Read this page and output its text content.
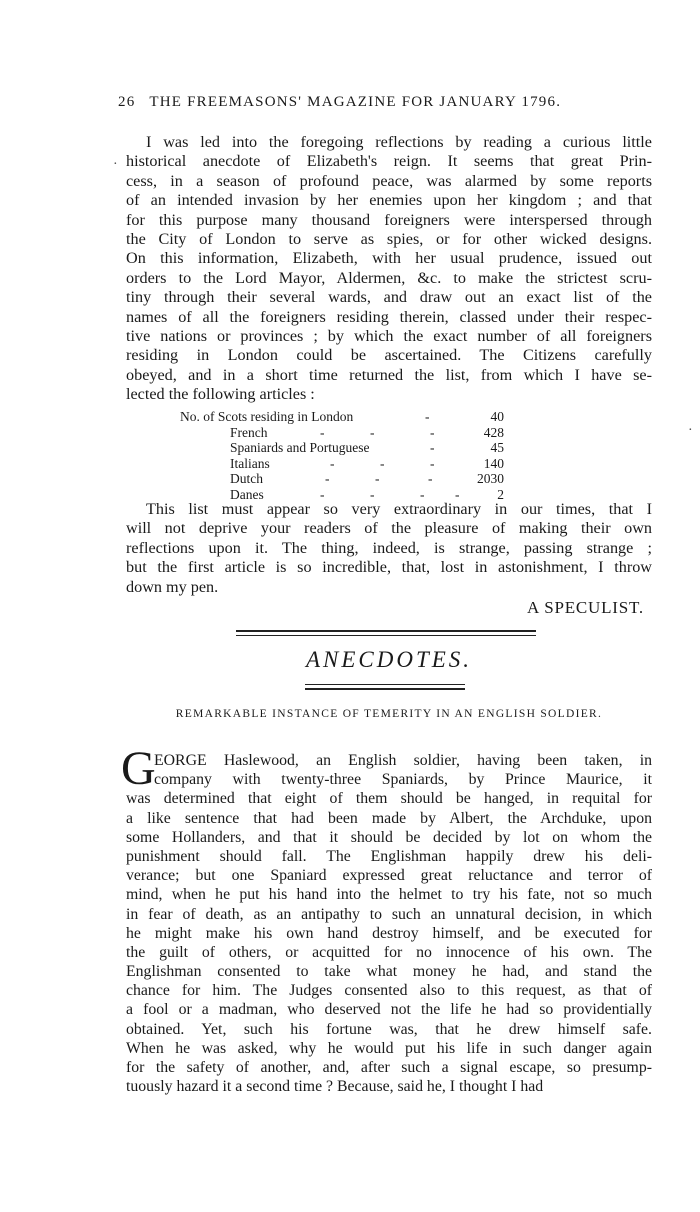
26 THE FREEMASONS' MAGAZINE FOR JANUARY 1796.
I was led into the foregoing reflections by reading a curious little
historical anecdote of Elizabeth's reign. It seems that great Prin-
cess, in a season of profound peace, was alarmed by some reports
of an intended invasion by her enemies upon her kingdom ; and that
for this purpose many thousand foreigners were interspersed through
the City of London to serve as spies, or for other wicked designs.
On this information, Elizabeth, with her usual prudence, issued out
orders to the Lord Mayor, Aldermen, &c. to make the strictest scru-
tiny through their several wards, and draw out an exact list of the
names of all the foreigners residing therein, classed under their respec-
tive nations or provinces ; by which the exact number of all foreigners
residing in London could be ascertained. The Citizens carefully
obeyed, and in a short time returned the list, from which I have se-
lected the following articles :
No. of Scots residing in London	-	40
French	-	-	-	428
Spaniards and Portuguese	-	45
Italians	-	-	-	140
Dutch	-	-	-	2030
Danes	-	-	- -	2
This list must appear so very extraordinary in our times, that I
will not deprive your readers of the pleasure of making their own
reflections upon it. The thing, indeed, is strange, passing strange ;
but the first article is so incredible, that, lost in astonishment, I throw
down my pen.
A SPECULIST.
ANECDOTES.
REMARKABLE INSTANCE OF TEMERITY IN AN ENGLISH SOLDIER.
G
EORGE Haslewood, an English soldier, having been taken, in
company with twenty-three Spaniards, by Prince Maurice, it
was determined that eight of them should be hanged, in requital for
a like sentence that had been made by Albert, the Archduke, upon
some Hollanders, and that it should be decided by lot on whom the
punishment should fall. The Englishman happily drew his deli-
verance; but one Spaniard expressed great reluctance and terror of
mind, when he put his hand into the helmet to try his fate, not so much
in fear of death, as an antipathy to such an unnatural decision, in which
he might make his own hand destroy himself, and be executed for
the guilt of others, or acquitted for no innocence of his own. The
Englishman consented to take what money he had, and stand the
chance for him. The Judges consented also to this request, as that of
a fool or a madman, who deserved not the life he had so providentially
obtained. Yet, such his fortune was, that he drew himself safe.
When he was asked, why he would put his life in such danger again
for the safety of another, and, after such a signal escape, so presump-
tuously hazard it a second time ? Because, said he, I thought I had
·
·
